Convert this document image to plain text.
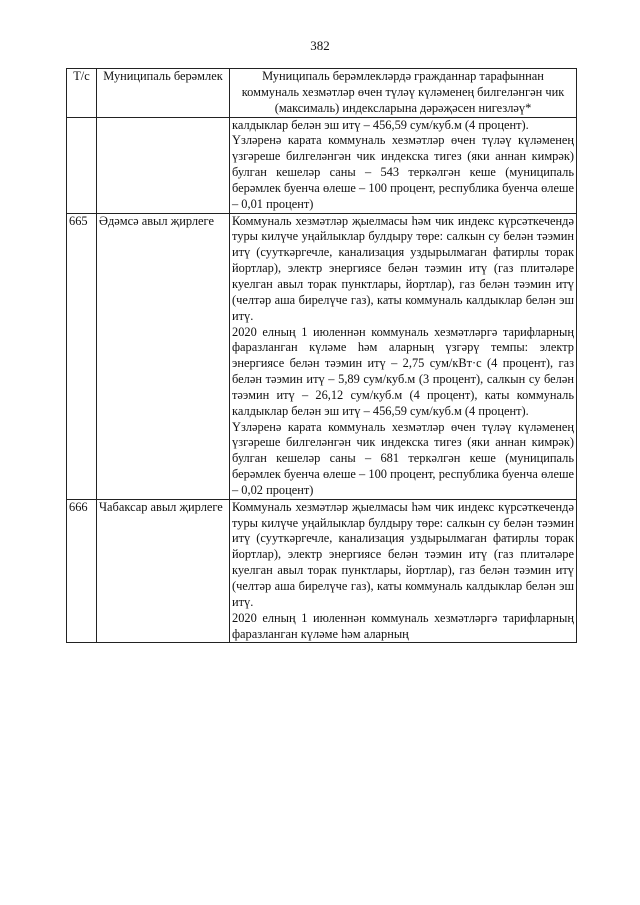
382
Т/с	Муниципаль берәмлек	Муниципаль берәмлекләрдә гражданнар тарафыннан коммуналь хезмәтләр өчен түләү күләменең билгеләнгән чик (максималь) индексларына дәрәҗәсен нигезләү*

		калдыклар белән эш итү – 456,59 сум/куб.м (4 процент).

Үзләренә карата коммуналь хезмәтләр өчен түләү күләменең үзгәреше билгеләнгән чик индекска тигез (яки аннан кимрәк) булган кешеләр саны – 543 теркәлгән кеше (муниципаль берәмлек буенча өлеше – 100 процент, республика буенча өлеше – 0,01 процент)

665	Әдәмсә авыл җирлеге	Коммуналь хезмәтләр җыелмасы һәм чик индекс күрсәткечендә туры килүче уңайлыклар булдыру төре: салкын су белән тәэмин итү (сууткәргечле, канализация уздырылмаган фатирлы торак йортлар), электр энергиясе белән тәэмин итү (газ плитәләре куелган авыл торак пунктлары, йортлар), газ белән тәэмин итү (челтәр аша бирелүче газ), каты коммуналь калдыклар белән эш итү.

2020 елның 1 июленнән коммуналь хезмәтләргә тарифларның фаразланган күләме һәм аларның үзгәрү темпы: электр энергиясе белән тәэмин итү – 2,75 сум/кВт·с (4 процент), газ белән тәэмин итү – 5,89 сум/куб.м (3 процент), салкын су белән тәэмин итү – 26,12 сум/куб.м (4 процент), каты коммуналь калдыклар белән эш итү – 456,59 сум/куб.м (4 процент).

Үзләренә карата коммуналь хезмәтләр өчен түләү күләменең үзгәреше билгеләнгән чик индекска тигез (яки аннан кимрәк) булган кешеләр саны – 681 теркәлгән кеше (муниципаль берәмлек буенча өлеше – 100 процент, республика буенча өлеше – 0,02 процент)

666	Чабаксар авыл җирлеге	Коммуналь хезмәтләр җыелмасы һәм чик индекс күрсәткечендә туры килүче уңайлыклар булдыру төре: салкын су белән тәэмин итү (сууткәргечле, канализация уздырылмаган фатирлы торак йортлар), электр энергиясе белән тәэмин итү (газ плитәләре куелган авыл торак пунктлары, йортлар), газ белән тәэмин итү (челтәр аша бирелүче газ), каты коммуналь калдыклар белән эш итү.

2020 елның 1 июленнән коммуналь хезмәтләргә тарифларның фаразланган күләме һәм аларның
